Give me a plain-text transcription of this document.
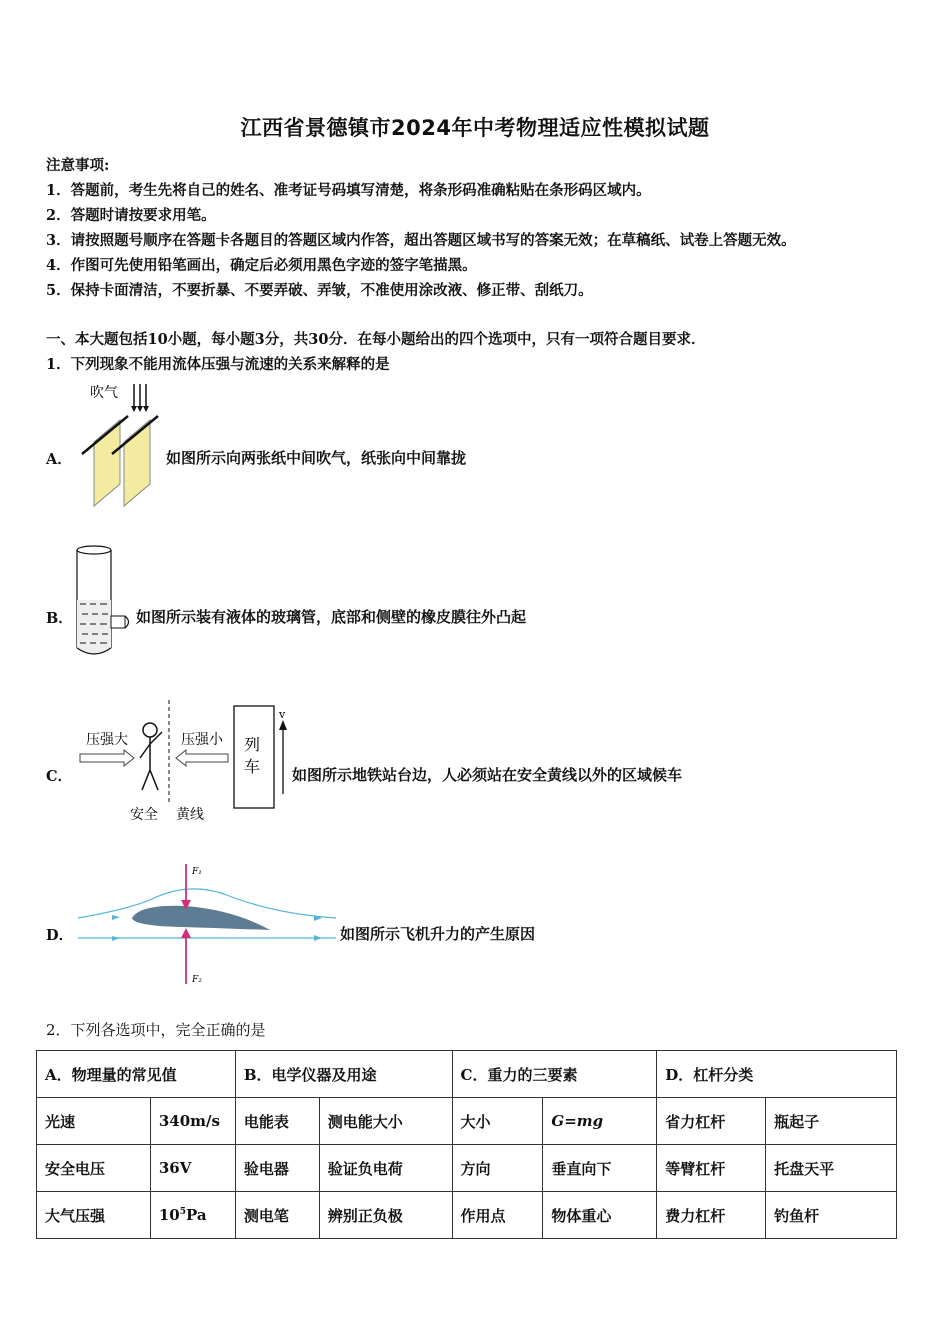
江西省景德镇市2024年中考物理适应性模拟试题
注意事项:
1．答题前，考生先将自己的姓名、准考证号码填写清楚，将条形码准确粘贴在条形码区域内。
2．答题时请按要求用笔。
3．请按照题号顺序在答题卡各题目的答题区域内作答，超出答题区域书写的答案无效；在草稿纸、试卷上答题无效。
4．作图可先使用铅笔画出，确定后必须用黑色字迹的签字笔描黑。
5．保持卡面清洁，不要折暴、不要弄破、弄皱，不准使用涂改液、修正带、刮纸刀。
一、本大题包括10小题，每小题3分，共30分．在每小题给出的四个选项中，只有一项符合题目要求．
1．下列现象不能用流体压强与流速的关系来解释的是
A．
吹气
如图所示向两张纸中间吹气，纸张向中间靠拢
B．	如图所示装有液体的玻璃管，底部和侧壁的橡皮膜往外凸起
C．
压强大	压强小 列
车
v
安全 黄线
如图所示地铁站台边，人必须站在安全黄线以外的区域候车
D．
F₁
F₂
如图所示飞机升力的产生原因
2．下列各选项中，完全正确的是
A．物理量的常见值		B．电学仪器及用途		C．重力的三要素		D．杠杆分类	
光速	340m/s	电能表	测电能大小	大小	G=mg	省力杠杆	瓶起子
安全电压	36V	验电器	验证负电荷	方向	垂直向下	等臂杠杆	托盘天平
大气压强	$10^5Pa$	测电笔	辨别正负极	作用点	物体重心	费力杠杆	钓鱼杆
